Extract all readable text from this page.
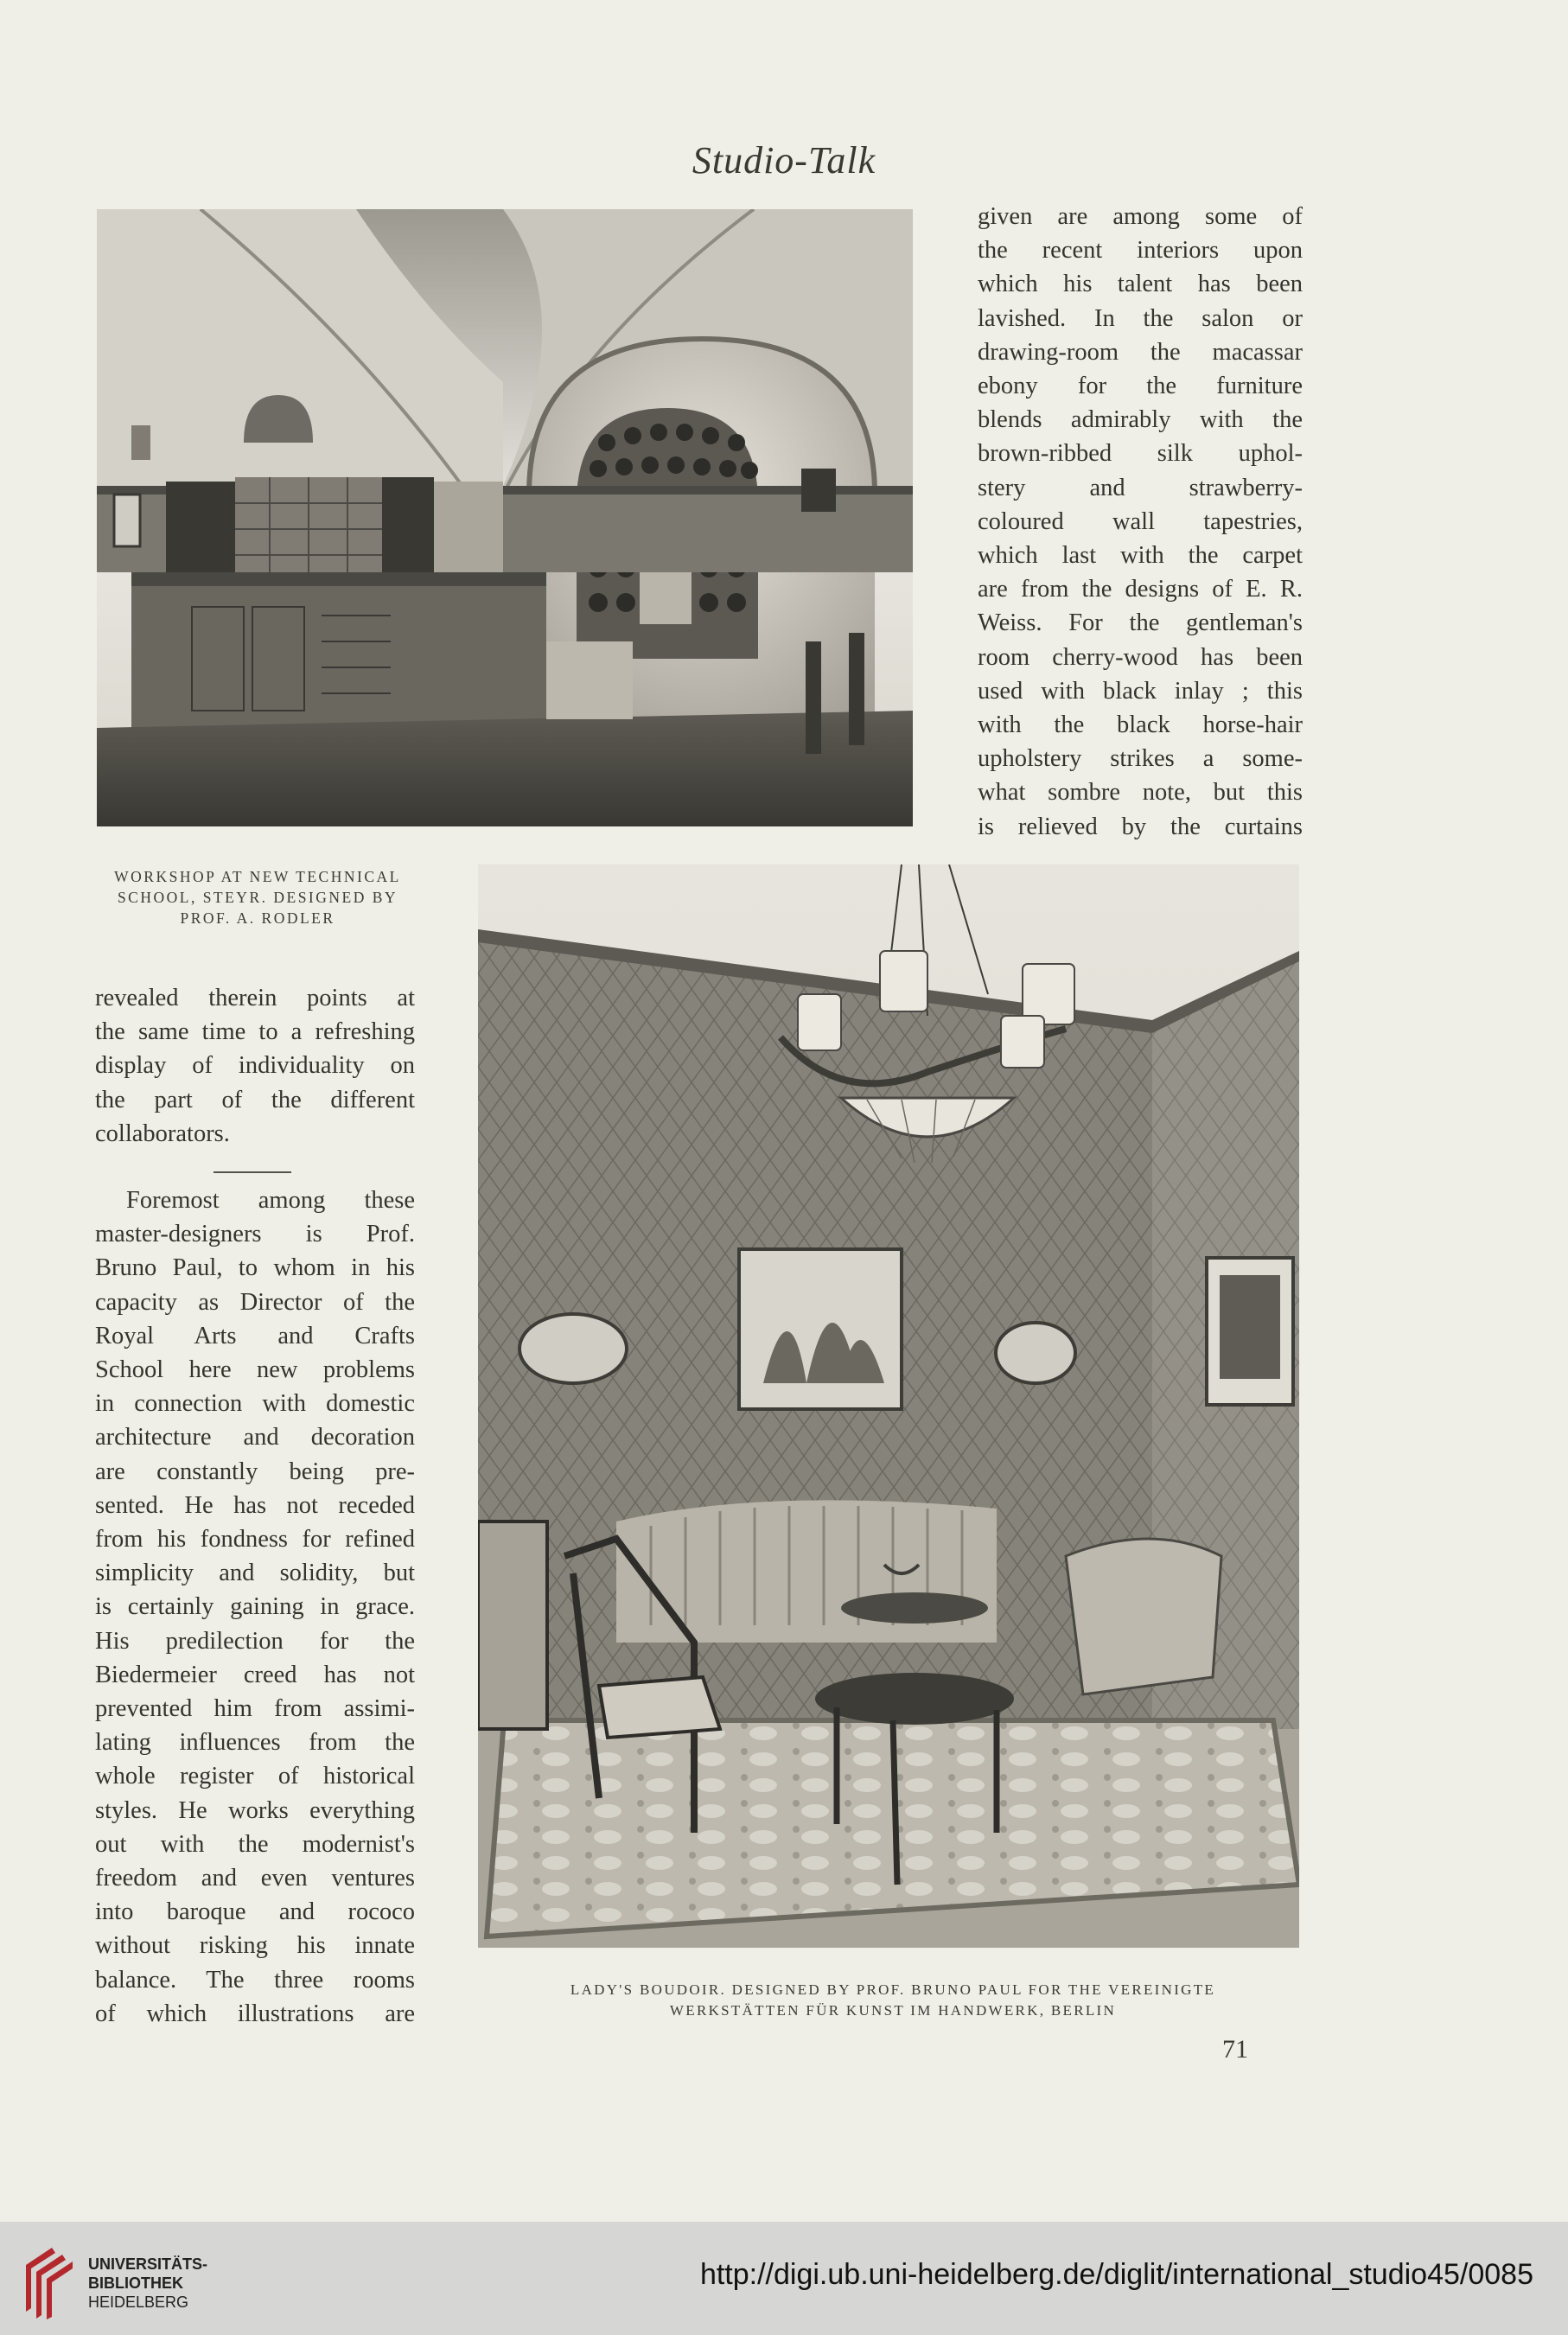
Studio-Talk
given are among some of
the recent interiors upon
which his talent has been
lavished. In the salon or
drawing-room the macassar
ebony for the furniture
blends admirably with the
brown-ribbed silk uphol-
stery and strawberry-
coloured wall tapestries,
which last with the carpet
are from the designs of E. R.
Weiss. For the gentleman's
room cherry-wood has been
used with black inlay ; this
with the black horse-hair
upholstery strikes a some-
what sombre note, but this
is relieved by the curtains
WORKSHOP AT NEW TECHNICAL
SCHOOL, STEYR. DESIGNED BY
PROF. A. RODLER
revealed therein points at
the same time to a refreshing
display of individuality on
the part of the different
collaborators.
Foremost among these
master-designers is Prof.
Bruno Paul, to whom in his
capacity as Director of the
Royal Arts and Crafts
School here new problems
in connection with domestic
architecture and decoration
are constantly being pre-
sented. He has not receded
from his fondness for refined
simplicity and solidity, but
is certainly gaining in grace.
His predilection for the
Biedermeier creed has not
prevented him from assimi-
lating influences from the
whole register of historical
styles. He works everything
out with the modernist's
freedom and even ventures
into baroque and rococo
without risking his innate
balance. The three rooms
of which illustrations are
LADY'S BOUDOIR. DESIGNED BY PROF. BRUNO PAUL FOR THE VEREINIGTE
WERKSTÄTTEN FÜR KUNST IM HANDWERK, BERLIN
71
UNIVERSITÄTS-
BIBLIOTHEK
HEIDELBERG
http://digi.ub.uni-heidelberg.de/diglit/international_studio45/0085
